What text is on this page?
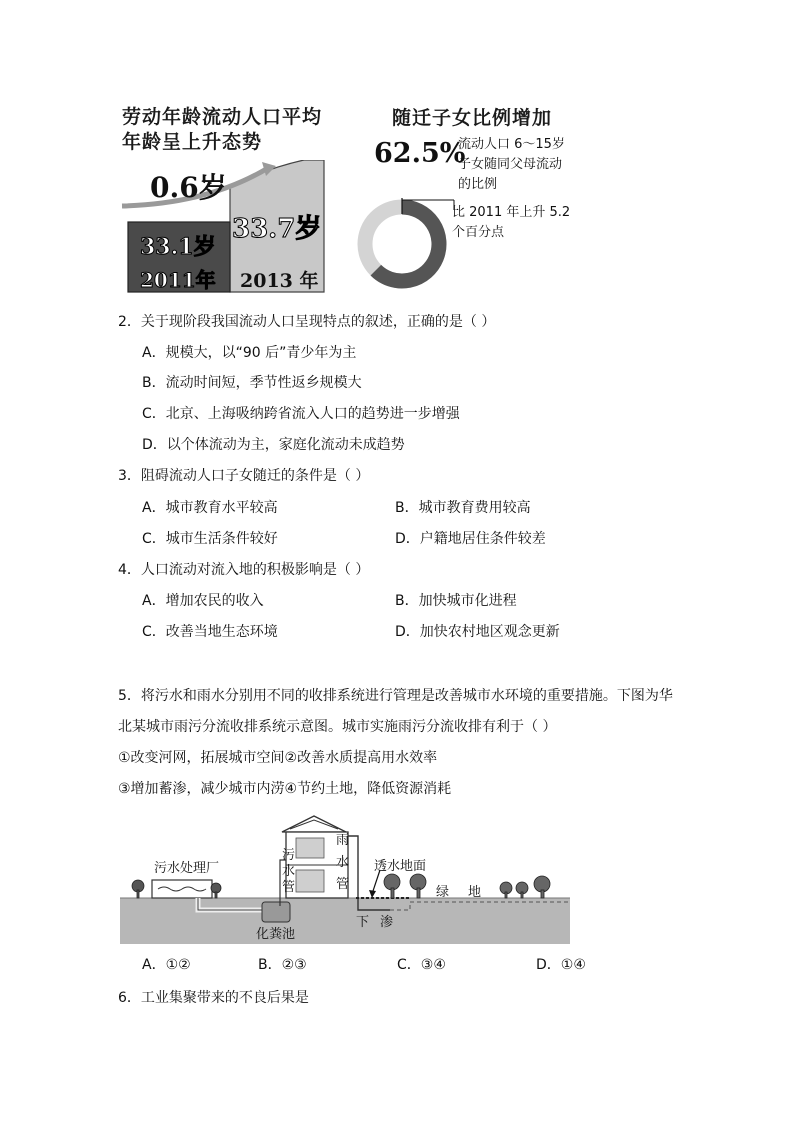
劳动年龄流动人口平均
年龄呈上升态势
0.6岁
33.1岁
2011年
33.7岁
2013 年
随迁子女比例增加
62.5%
流动人口 6～15岁
子女随同父母流动
的比例
比 2011 年上升 5.2
个百分点
2．关于现阶段我国流动人口呈现特点的叙述，正确的是（ ）
A．规模大，以“90 后”青少年为主
B．流动时间短，季节性返乡规模大
C．北京、上海吸纳跨省流入人口的趋势进一步增强
D．以个体流动为主，家庭化流动未成趋势
3．阻碍流动人口子女随迁的条件是（ ）
A．城市教育水平较高	B．城市教育费用较高
C．城市生活条件较好	D．户籍地居住条件较差
4．人口流动对流入地的积极影响是（ ）
A．增加农民的收入	B．加快城市化进程
C．改善当地生态环境	D．加快农村地区观念更新
5．将污水和雨水分别用不同的收排系统进行管理是改善城市水环境的重要措施。下图为华
北某城市雨污分流收排系统示意图。城市实施雨污分流收排有利于（ ）
①改变河网，拓展城市空间②改善水质提高用水效率
③增加蓄渗，减少城市内涝④节约土地，降低资源消耗
污水处理厂
污
水
管
雨
水
管
透水地面
绿 地
化粪池
下 渗
A．①②	B．②③	C．③④	D．①④
6．工业集聚带来的不良后果是
